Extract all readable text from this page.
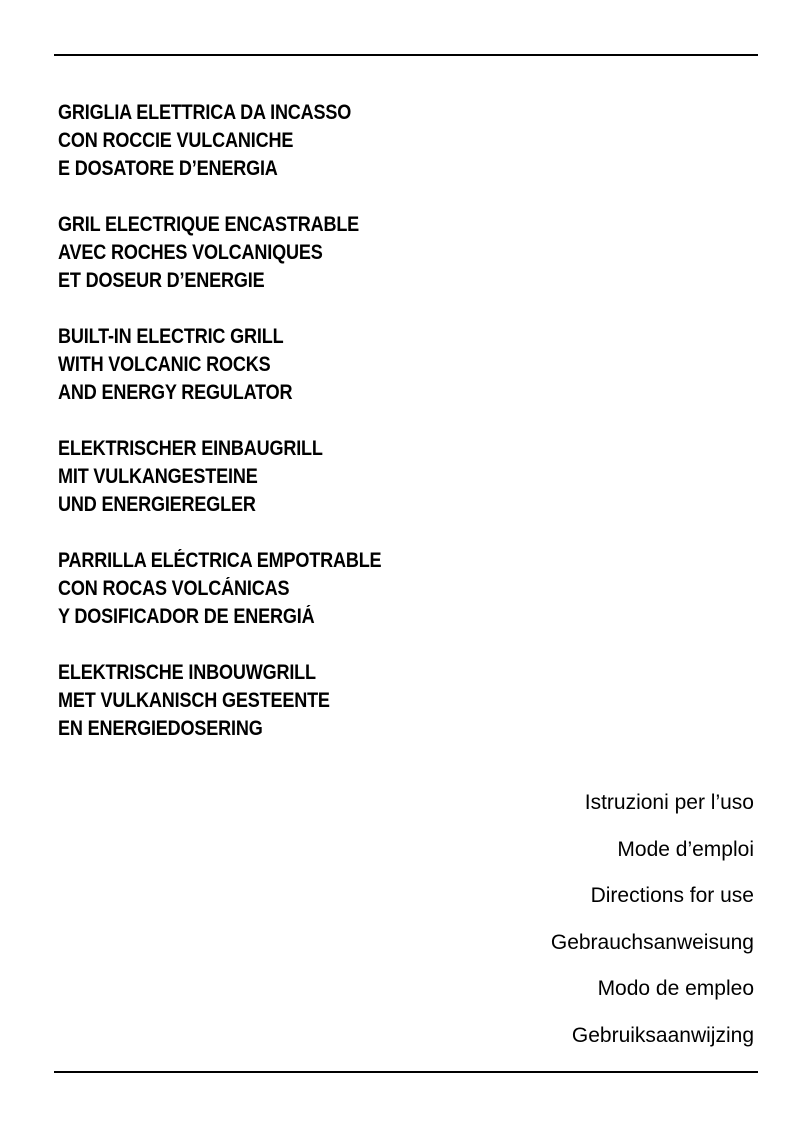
GRIGLIA ELETTRICA DA INCASSO
CON ROCCIE VULCANICHE
E DOSATORE D’ENERGIA
GRIL ELECTRIQUE ENCASTRABLE
AVEC ROCHES VOLCANIQUES
ET DOSEUR D’ENERGIE
BUILT-IN ELECTRIC GRILL
WITH VOLCANIC ROCKS
AND ENERGY REGULATOR
ELEKTRISCHER EINBAUGRILL
MIT VULKANGESTEINE
UND ENERGIEREGLER
PARRILLA ELÉCTRICA EMPOTRABLE
CON ROCAS VOLCÁNICAS
Y DOSIFICADOR DE ENERGIÁ
ELEKTRISCHE INBOUWGRILL
MET VULKANISCH GESTEENTE
EN ENERGIEDOSERING
Istruzioni per l’uso
Mode d’emploi
Directions for use
Gebrauchsanweisung
Modo de empleo
Gebruiksaanwijzing
